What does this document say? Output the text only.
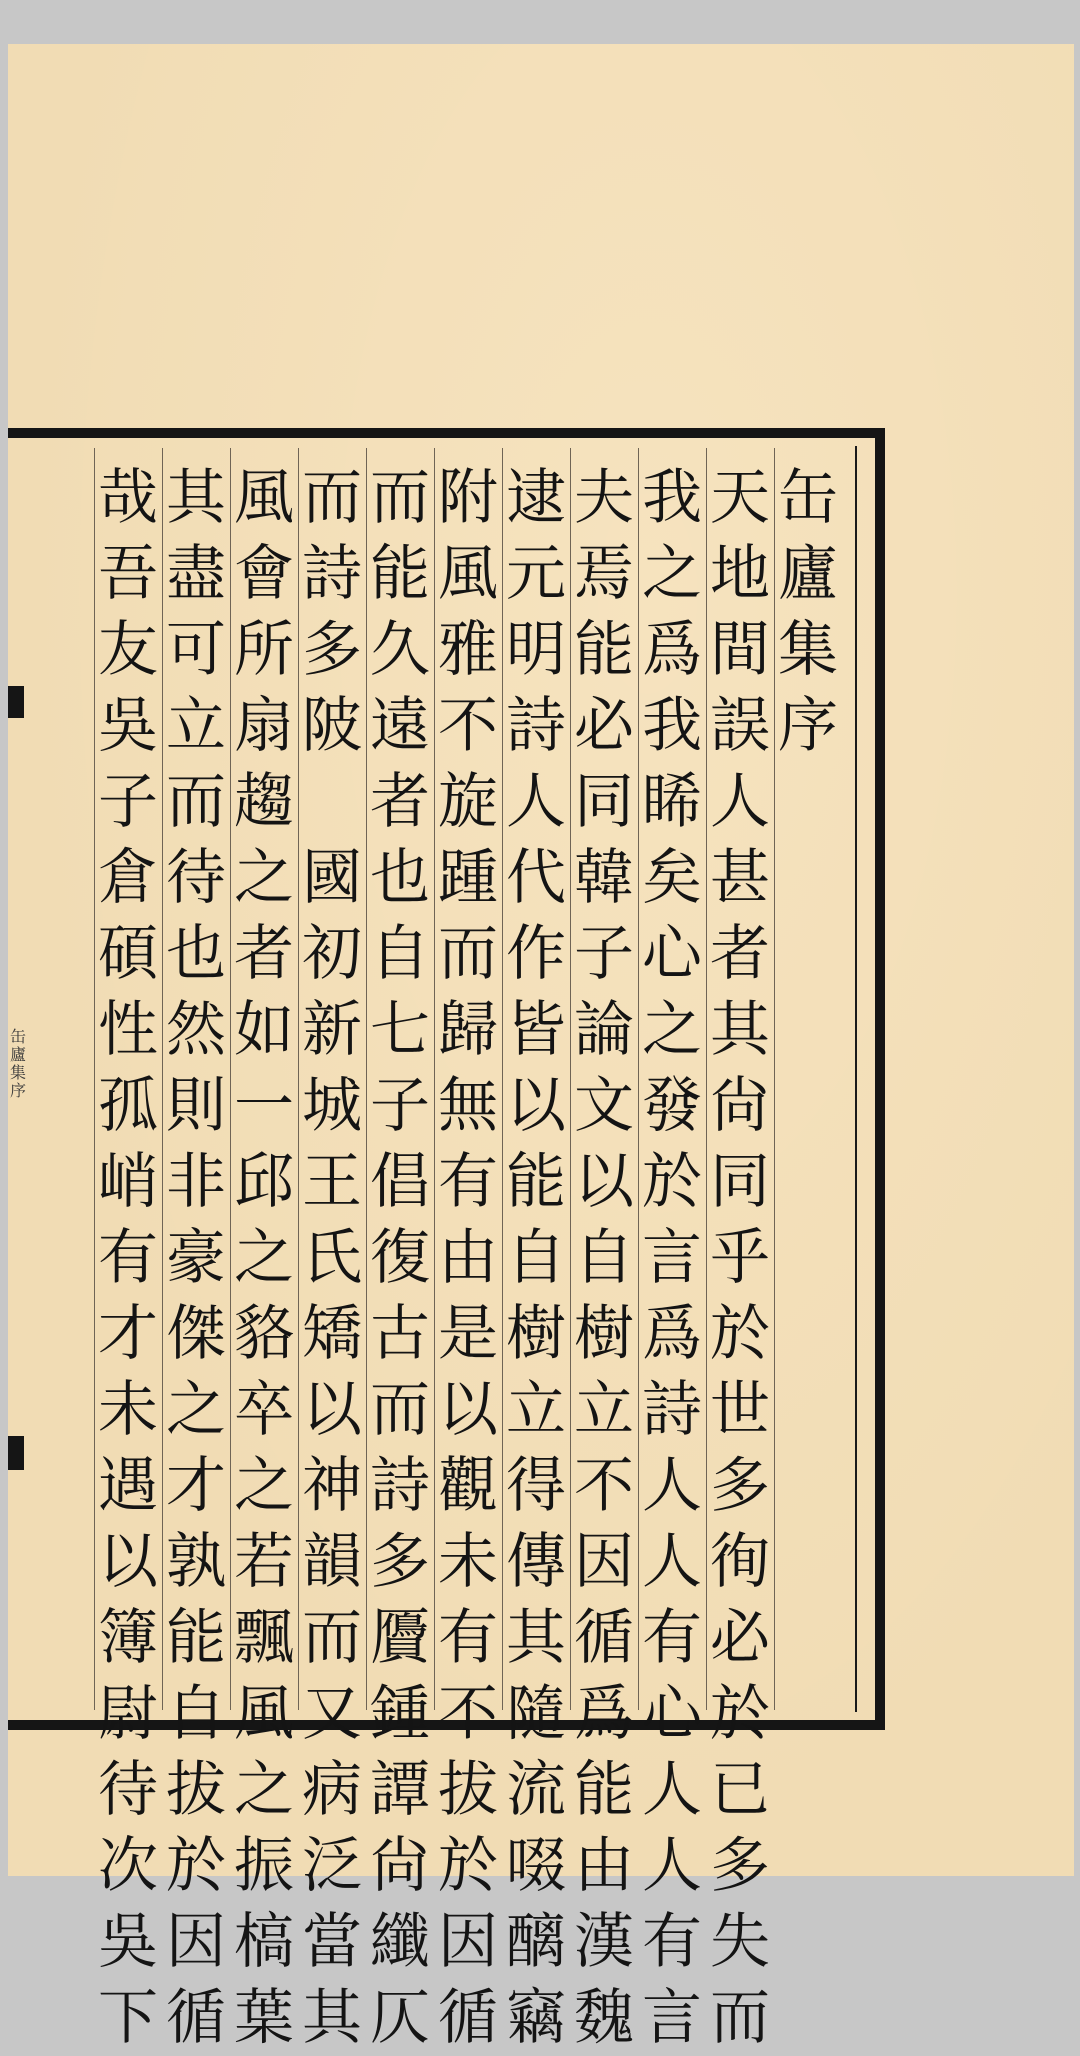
缶
廬
集
序
天
地
間
誤
人
甚
者
其
尙
同
乎
於
世
多
徇
必
於
已
多
失
而
我
之
爲
我
睎
矣
心
之
發
於
言
爲
詩
人
人
有
心
人
人
有
言
夫
焉
能
必
同
韓
子
論
文
以
自
樹
立
不
因
循
爲
能
由
漢
魏
逮
元
明
詩
人
代
作
皆
以
能
自
樹
立
得
傳
其
隨
流
啜
醨
竊
附
風
雅
不
旋
踵
而
歸
無
有
由
是
以
觀
未
有
不
拔
於
因
循
而
能
久
遠
者
也
自
七
子
倡
復
古
而
詩
多
贗
鍾
譚
尙
纖
仄
而
詩
多
陂

國
初
新
城
王
氏
矯
以
神
韻
而
又
病
泛
當
其
風
會
所
扇
趨
之
者
如
一
邱
之
貉
卒
之
若
飄
風
之
振
槁
葉
其
盡
可
立
而
待
也
然
則
非
豪
傑
之
才
孰
能
自
拔
於
因
循
哉
吾
友
吳
子
倉
碩
性
孤
峭
有
才
未
遇
以
簿
尉
待
次
吳
下
缶
廬
集
序
